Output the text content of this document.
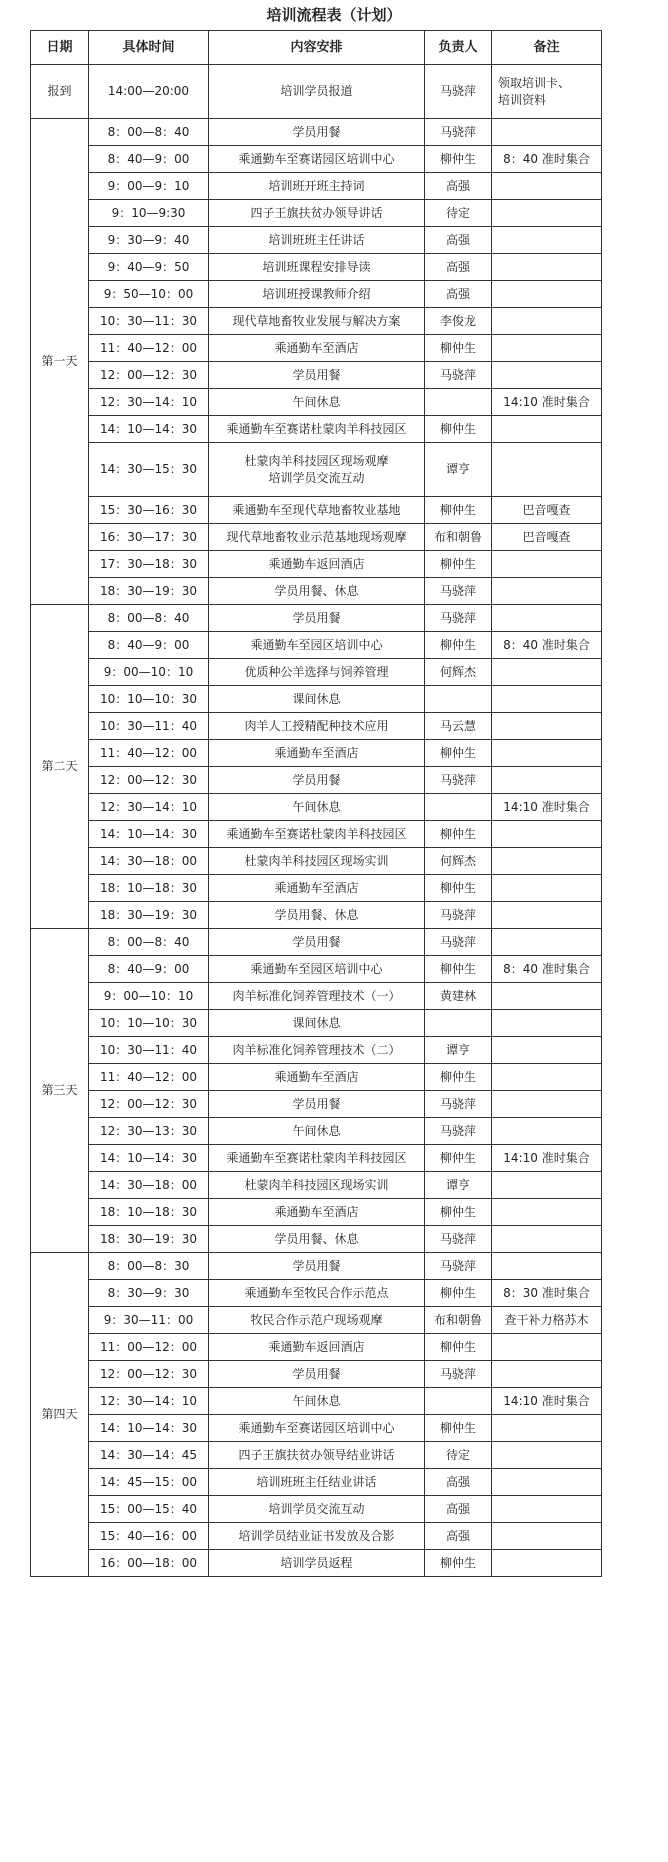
培训流程表（计划）
日期	具体时间	内容安排	负责人	备注
报到	14:00—20:00	培训学员报道	马骁萍	领取培训卡、
培训资料

第一天	8：00—8：40	学员用餐	马骁萍	
	8：40—9：00	乘通勤车至赛诺园区培训中心	柳仲生	8：40 准时集合
	9：00—9：10	培训班开班主持词	高强	
	9：10—9:30	四子王旗扶贫办领导讲话	待定	
	9：30—9：40	培训班班主任讲话	高强	
	9：40—9：50	培训班课程安排导读	高强	
	9：50—10：00	培训班授课教师介绍	高强	
	10：30—11：30	现代草地畜牧业发展与解决方案	李俊龙	
	11：40—12：00	乘通勤车至酒店	柳仲生	
	12：00—12：30	学员用餐	马骁萍	
	12：30—14：10	午间休息		14:10 准时集合
	14：10—14：30	乘通勤车至赛诺杜蒙肉羊科技园区	柳仲生	
	14：30—15：30	杜蒙肉羊科技园区现场观摩
培训学员交流互动	谭亨	
	15：30—16：30	乘通勤车至现代草地畜牧业基地	柳仲生	巴音嘎查
	16：30—17：30	现代草地畜牧业示范基地现场观摩	布和朝鲁	巴音嘎查
	17：30—18：30	乘通勤车返回酒店	柳仲生	
	18：30—19：30	学员用餐、休息	马骁萍	
第二天	8：00—8：40	学员用餐	马骁萍	
	8：40—9：00	乘通勤车至园区培训中心	柳仲生	8：40 准时集合
	9：00—10：10	优质种公羊选择与饲养管理	何辉杰	
	10：10—10：30	课间休息		
	10：30—11：40	肉羊人工授精配种技术应用	马云慧	
	11：40—12：00	乘通勤车至酒店	柳仲生	
	12：00—12：30	学员用餐	马骁萍	
	12：30—14：10	午间休息		14:10 准时集合
	14：10—14：30	乘通勤车至赛诺杜蒙肉羊科技园区	柳仲生	
	14：30—18：00	杜蒙肉羊科技园区现场实训	何辉杰	
	18：10—18：30	乘通勤车至酒店	柳仲生	
	18：30—19：30	学员用餐、休息	马骁萍	
第三天	8：00—8：40	学员用餐	马骁萍	
	8：40—9：00	乘通勤车至园区培训中心	柳仲生	8：40 准时集合
	9：00—10：10	肉羊标准化饲养管理技术（一）	黄建林	
	10：10—10：30	课间休息		
	10：30—11：40	肉羊标准化饲养管理技术（二）	谭亨	
	11：40—12：00	乘通勤车至酒店	柳仲生	
	12：00—12：30	学员用餐	马骁萍	
	12：30—13：30	午间休息	马骁萍	
	14：10—14：30	乘通勤车至赛诺杜蒙肉羊科技园区	柳仲生	14:10 准时集合
	14：30—18：00	杜蒙肉羊科技园区现场实训	谭亨	
	18：10—18：30	乘通勤车至酒店	柳仲生	
	18：30—19：30	学员用餐、休息	马骁萍	
第四天	8：00—8：30	学员用餐	马骁萍	
	8：30—9：30	乘通勤车至牧民合作示范点	柳仲生	8：30 准时集合
	9：30—11：00	牧民合作示范户现场观摩	布和朝鲁	查干补力格苏木
	11：00—12：00	乘通勤车返回酒店	柳仲生	
	12：00—12：30	学员用餐	马骁萍	
	12：30—14：10	午间休息		14:10 准时集合
	14：10—14：30	乘通勤车至赛诺园区培训中心	柳仲生	
	14：30—14：45	四子王旗扶贫办领导结业讲话	待定	
	14：45—15：00	培训班班主任结业讲话	高强	
	15：00—15：40	培训学员交流互动	高强	
	15：40—16：00	培训学员结业证书发放及合影	高强	
	16：00—18：00	培训学员返程	柳仲生	
